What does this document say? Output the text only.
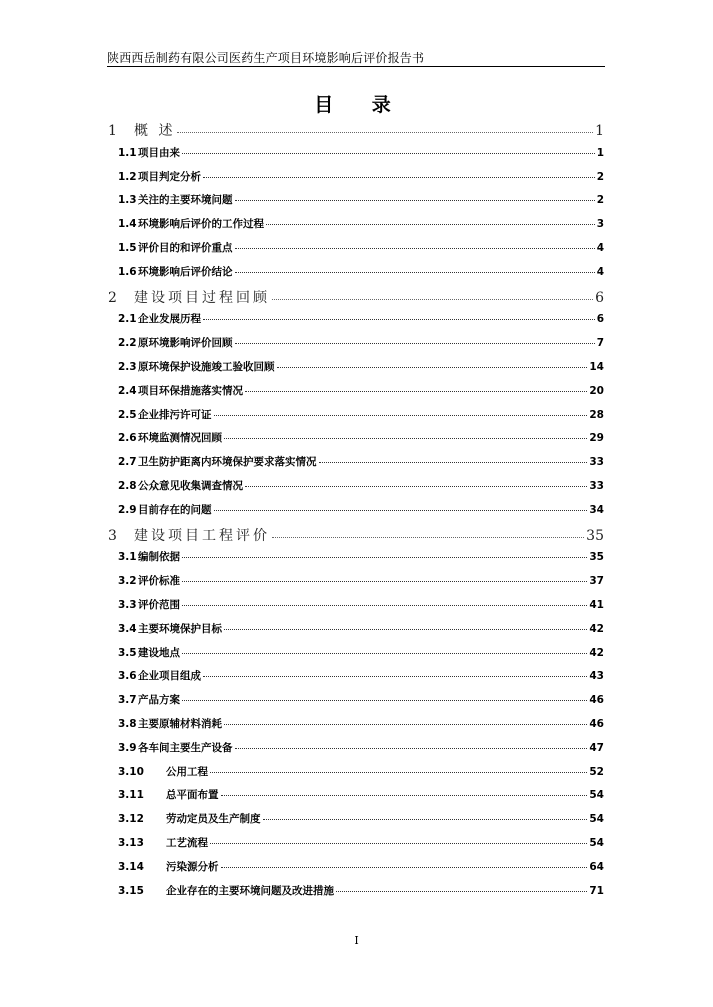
陕西西岳制药有限公司医药生产项目环境影响后评价报告书
目 录
1	概 述	1
1.1 项目由来	1
1.2 项目判定分析	2
1.3 关注的主要环境问题	2
1.4 环境影响后评价的工作过程	3
1.5 评价目的和评价重点	4
1.6 环境影响后评价结论	4
2	建设项目过程回顾	6
2.1 企业发展历程	6
2.2 原环境影响评价回顾	7
2.3 原环境保护设施竣工验收回顾	14
2.4 项目环保措施落实情况	20
2.5 企业排污许可证	28
2.6 环境监测情况回顾	29
2.7 卫生防护距离内环境保护要求落实情况	33
2.8 公众意见收集调查情况	33
2.9 目前存在的问题	34
3	建设项目工程评价	35
3.1 编制依据	35
3.2 评价标准	37
3.3 评价范围	41
3.4 主要环境保护目标	42
3.5 建设地点	42
3.6 企业项目组成	43
3.7 产品方案	46
3.8 主要原辅材料消耗	46
3.9 各车间主要生产设备	47
3.10	公用工程	52
3.11	总平面布置	54
3.12	劳动定员及生产制度	54
3.13	工艺流程	54
3.14	污染源分析	64
3.15	企业存在的主要环境问题及改进措施	71
I
